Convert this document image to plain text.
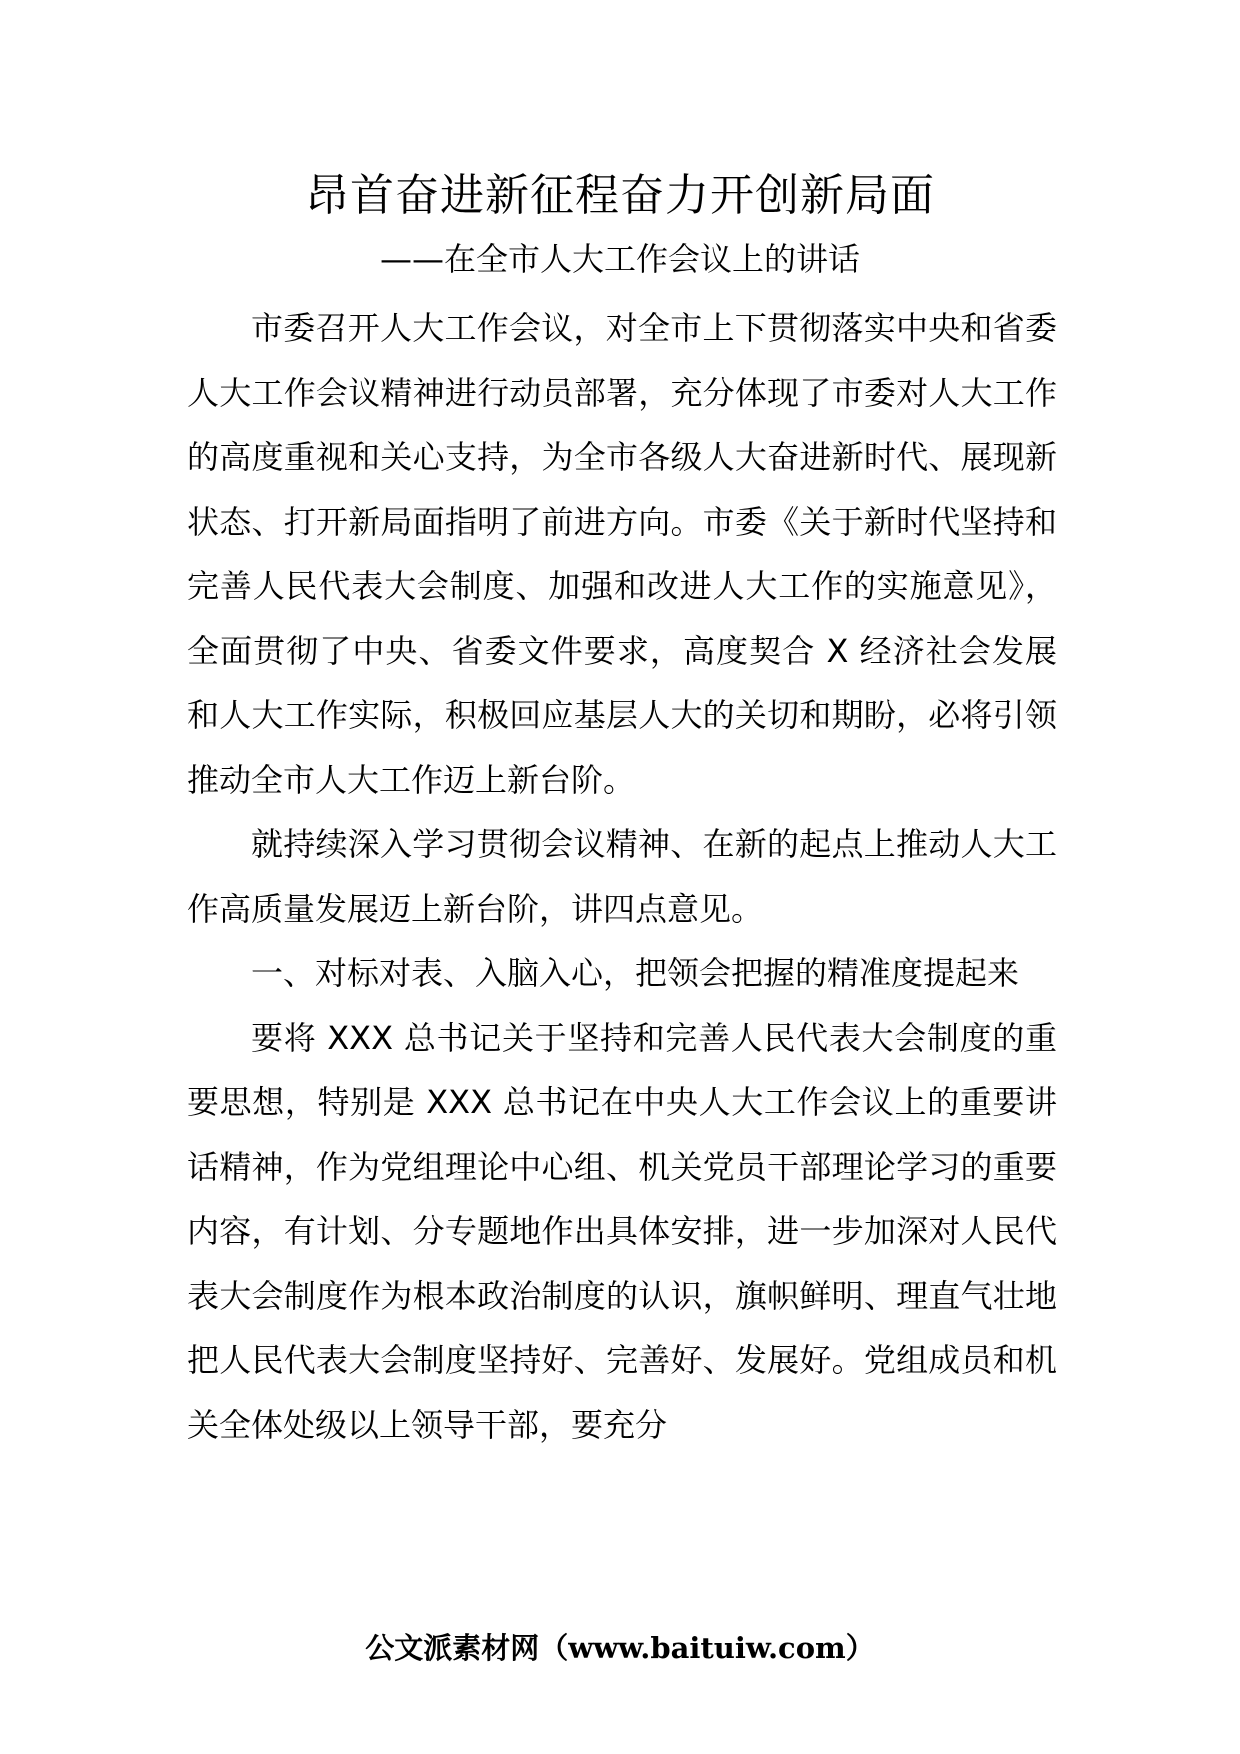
昂首奋进新征程奋力开创新局面
——在全市人大工作会议上的讲话

市委召开人大工作会议，对全市上下贯彻落实中央和省委人大工作会议精神进行动员部署，充分体现了市委对人大工作的高度重视和关心支持，为全市各级人大奋进新时代、展现新状态、打开新局面指明了前进方向。市委《关于新时代坚持和完善人民代表大会制度、加强和改进人大工作的实施意见》，全面贯彻了中央、省委文件要求，高度契合 X 经济社会发展和人大工作实际，积极回应基层人大的关切和期盼，必将引领推动全市人大工作迈上新台阶。

就持续深入学习贯彻会议精神、在新的起点上推动人大工作高质量发展迈上新台阶，讲四点意见。

一、对标对表、入脑入心，把领会把握的精准度提起来

要将 XXX 总书记关于坚持和完善人民代表大会制度的重要思想，特别是 XXX 总书记在中央人大工作会议上的重要讲话精神，作为党组理论中心组、机关党员干部理论学习的重要内容，有计划、分专题地作出具体安排，进一步加深对人民代表大会制度作为根本政治制度的认识，旗帜鲜明、理直气壮地把人民代表大会制度坚持好、完善好、发展好。党组成员和机关全体处级以上领导干部，要充分

公文派素材网（www.baituiw.com）
